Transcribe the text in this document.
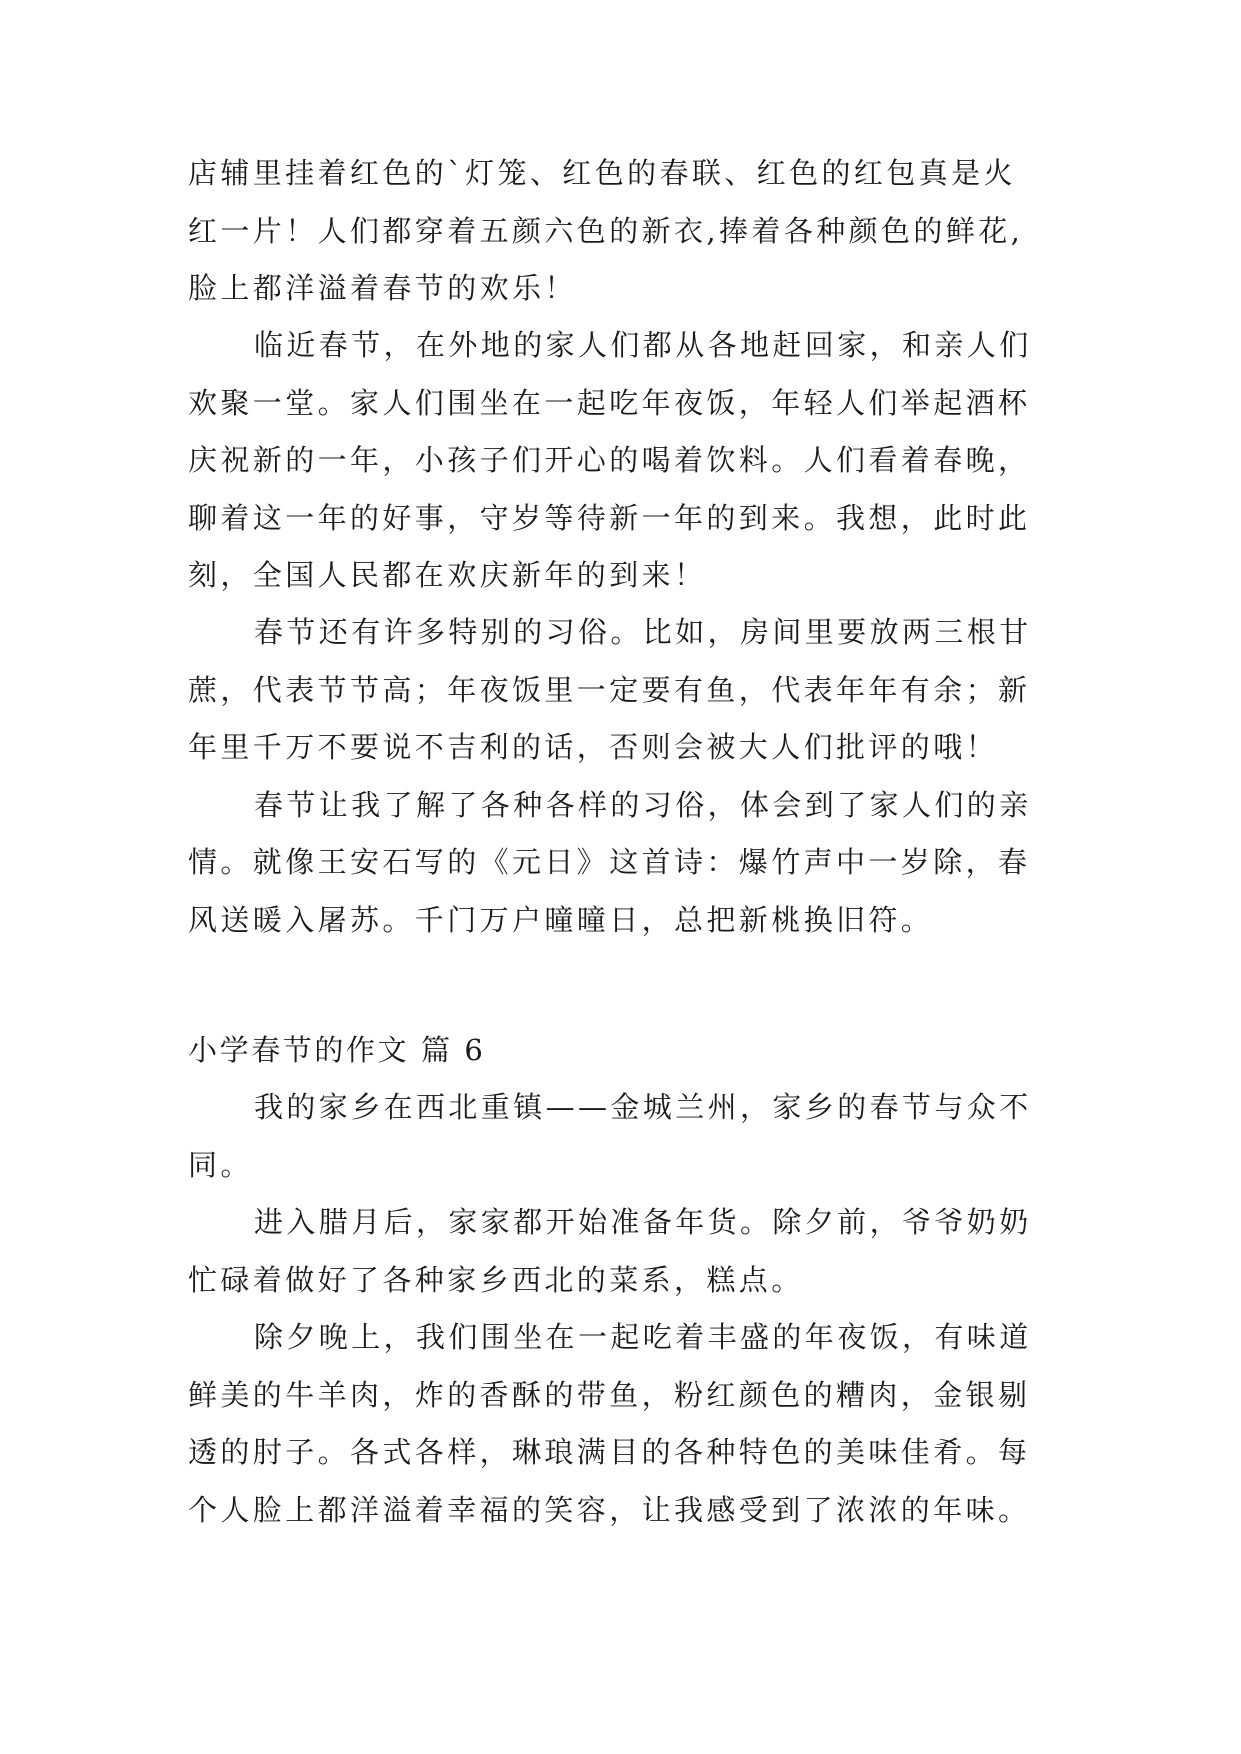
店辅里挂着红色的`灯笼、红色的春联、红色的红包真是火
红一片！人们都穿着五颜六色的新衣,捧着各种颜色的鲜花,
脸上都洋溢着春节的欢乐！
临近春节，在外地的家人们都从各地赶回家，和亲人们
欢聚一堂。家人们围坐在一起吃年夜饭，年轻人们举起酒杯
庆祝新的一年，小孩子们开心的喝着饮料。人们看着春晚，
聊着这一年的好事，守岁等待新一年的到来。我想，此时此
刻，全国人民都在欢庆新年的到来！
春节还有许多特别的习俗。比如，房间里要放两三根甘
蔗，代表节节高；年夜饭里一定要有鱼，代表年年有余；新
年里千万不要说不吉利的话，否则会被大人们批评的哦！
春节让我了解了各种各样的习俗，体会到了家人们的亲
情。就像王安石写的《元日》这首诗：爆竹声中一岁除，春
风送暖入屠苏。千门万户曈曈日，总把新桃换旧符。
小学春节的作文 篇 6
我的家乡在西北重镇——金城兰州，家乡的春节与众不
同。
进入腊月后，家家都开始准备年货。除夕前，爷爷奶奶
忙碌着做好了各种家乡西北的菜系，糕点。
除夕晚上，我们围坐在一起吃着丰盛的年夜饭，有味道
鲜美的牛羊肉，炸的香酥的带鱼，粉红颜色的糟肉，金银剔
透的肘子。各式各样，琳琅满目的各种特色的美味佳肴。每
个人脸上都洋溢着幸福的笑容，让我感受到了浓浓的年味。
